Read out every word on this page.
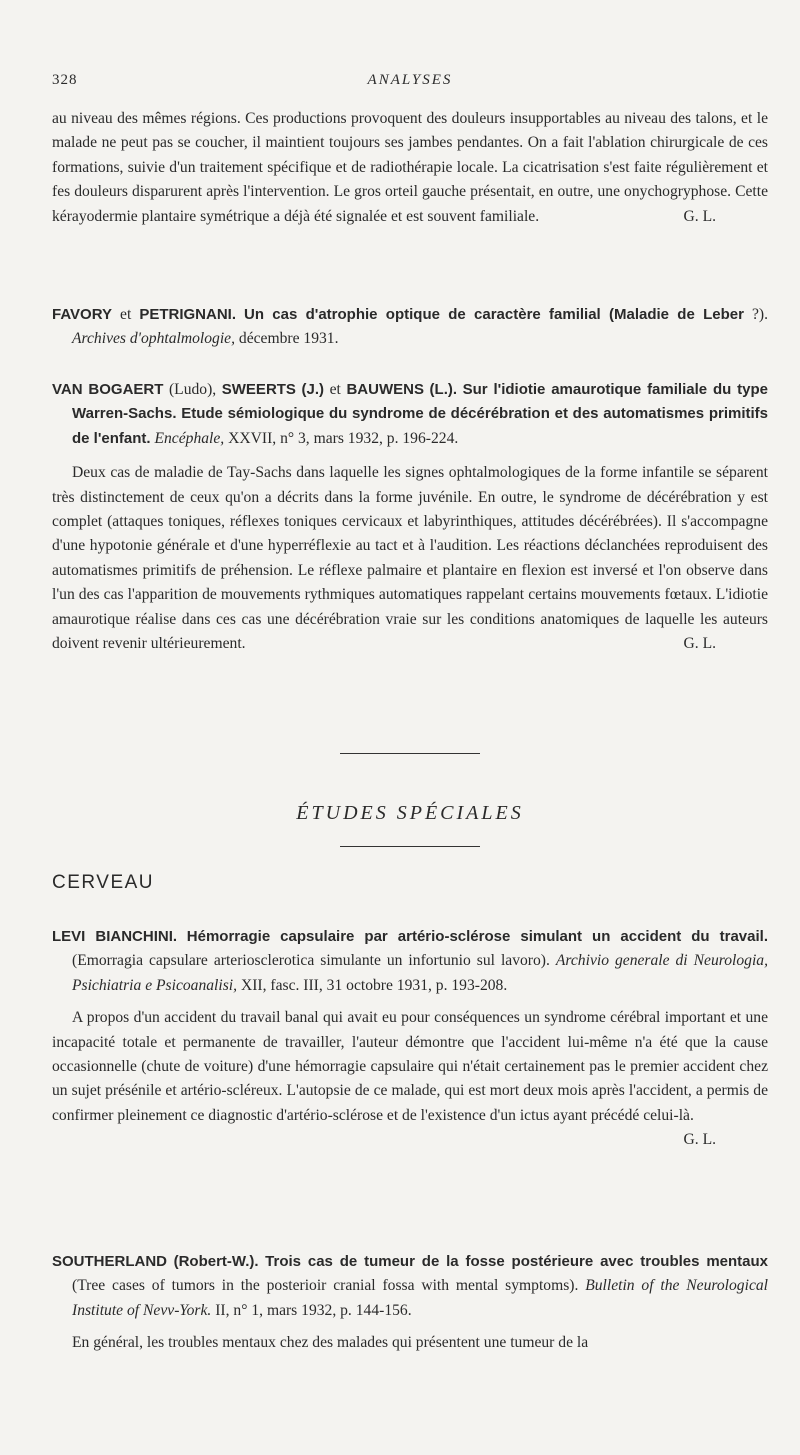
328	ANALYSES

au niveau des mêmes régions. Ces productions provoquent des douleurs insupportables au niveau des talons, et le malade ne peut pas se coucher, il maintient toujours ses jambes pendantes. On a fait l'ablation chirurgicale de ces formations, suivie d'un traitement spécifique et de radiothérapie locale. La cicatrisation s'est faite régulièrement et fes douleurs disparurent après l'intervention. Le gros orteil gauche présentait, en outre, une onychogryphose. Cette kérayodermie plantaire symétrique a déjà été signalée et est souvent familiale.	G. L.

FAVORY et PETRIGNANI. Un cas d'atrophie optique de caractère familial (Maladie de Leber ?). Archives d'ophtalmologie, décembre 1931.

VAN BOGAERT (Ludo), SWEERTS (J.) et BAUWENS (L.). Sur l'idiotie amaurotique familiale du type Warren-Sachs. Etude sémiologique du syndrome de décérébration et des automatismes primitifs de l'enfant. Encéphale, XXVII, n° 3, mars 1932, p. 196-224.

Deux cas de maladie de Tay-Sachs dans laquelle les signes ophtalmologiques de la forme infantile se séparent très distinctement de ceux qu'on a décrits dans la forme juvénile. En outre, le syndrome de décérébration y est complet (attaques toniques, réflexes toniques cervicaux et labyrinthiques, attitudes décérébrées). Il s'accompagne d'une hypotonie générale et d'une hyperréflexie au tact et à l'audition. Les réactions déclanchées reproduisent des automatismes primitifs de préhension. Le réflexe palmaire et plantaire en flexion est inversé et l'on observe dans l'un des cas l'apparition de mouvements rythmiques automatiques rappelant certains mouvements fœtaux. L'idiotie amaurotique réalise dans ces cas une décérébration vraie sur les conditions anatomiques de laquelle les auteurs doivent revenir ultérieurement.	G. L.

ÉTUDES SPÉCIALES
CERVEAU

LEVI BIANCHINI. Hémorragie capsulaire par artério-sclérose simulant un accident du travail. (Emorragia capsulare arteriosclerotica simulante un infortunio sul lavoro). Archivio generale di Neurologia, Psichiatria e Psicoanalisi, XII, fasc. III, 31 octobre 1931, p. 193-208.

A propos d'un accident du travail banal qui avait eu pour conséquences un syndrome cérébral important et une incapacité totale et permanente de travailler, l'auteur démontre que l'accident lui-même n'a été que la cause occasionnelle (chute de voiture) d'une hémorragie capsulaire qui n'était certainement pas le premier accident chez un sujet présénile et artério-scléreux. L'autopsie de ce malade, qui est mort deux mois après l'accident, a permis de confirmer pleinement ce diagnostic d'artério-sclérose et de l'existence d'un ictus ayant précédé celui-là.
G. L.

SOUTHERLAND (Robert-W.). Trois cas de tumeur de la fosse postérieure avec troubles mentaux (Tree cases of tumors in the posterioir cranial fossa with mental symptoms). Bulletin of the Neurological Institute of Nevv-York. II, n° 1, mars 1932, p. 144-156.

En général, les troubles mentaux chez des malades qui présentent une tumeur de la
